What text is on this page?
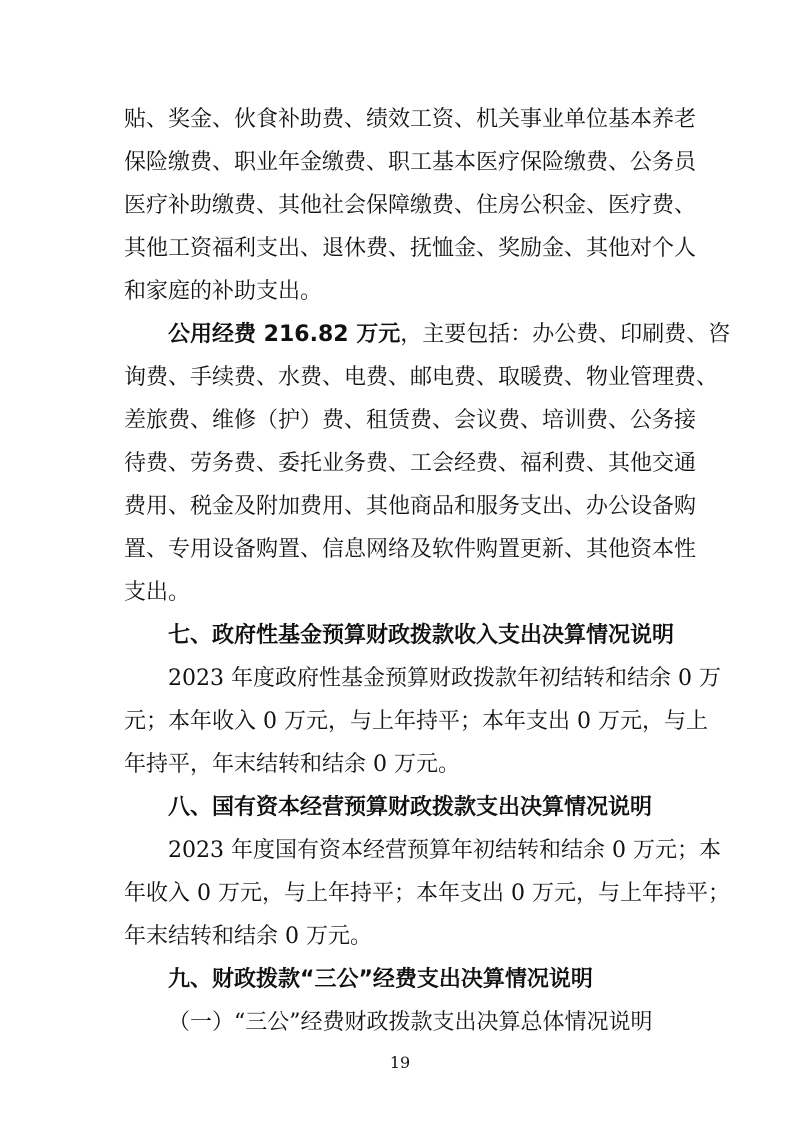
贴、奖金、伙食补助费、绩效工资、机关事业单位基本养老
保险缴费、职业年金缴费、职工基本医疗保险缴费、公务员
医疗补助缴费、其他社会保障缴费、住房公积金、医疗费、
其他工资福利支出、退休费、抚恤金、奖励金、其他对个人
和家庭的补助支出。
公用经费 216.82 万元，主要包括：办公费、印刷费、咨
询费、手续费、水费、电费、邮电费、取暖费、物业管理费、
差旅费、维修（护）费、租赁费、会议费、培训费、公务接
待费、劳务费、委托业务费、工会经费、福利费、其他交通
费用、税金及附加费用、其他商品和服务支出、办公设备购
置、专用设备购置、信息网络及软件购置更新、其他资本性
支出。
七、政府性基金预算财政拨款收入支出决算情况说明
2023 年度政府性基金预算财政拨款年初结转和结余 0 万
元；本年收入 0 万元，与上年持平；本年支出 0 万元，与上
年持平，年末结转和结余 0 万元。
八、国有资本经营预算财政拨款支出决算情况说明
2023 年度国有资本经营预算年初结转和结余 0 万元；本
年收入 0 万元，与上年持平；本年支出 0 万元，与上年持平；
年末结转和结余 0 万元。
九、财政拨款“三公”经费支出决算情况说明
（一）“三公”经费财政拨款支出决算总体情况说明
19
